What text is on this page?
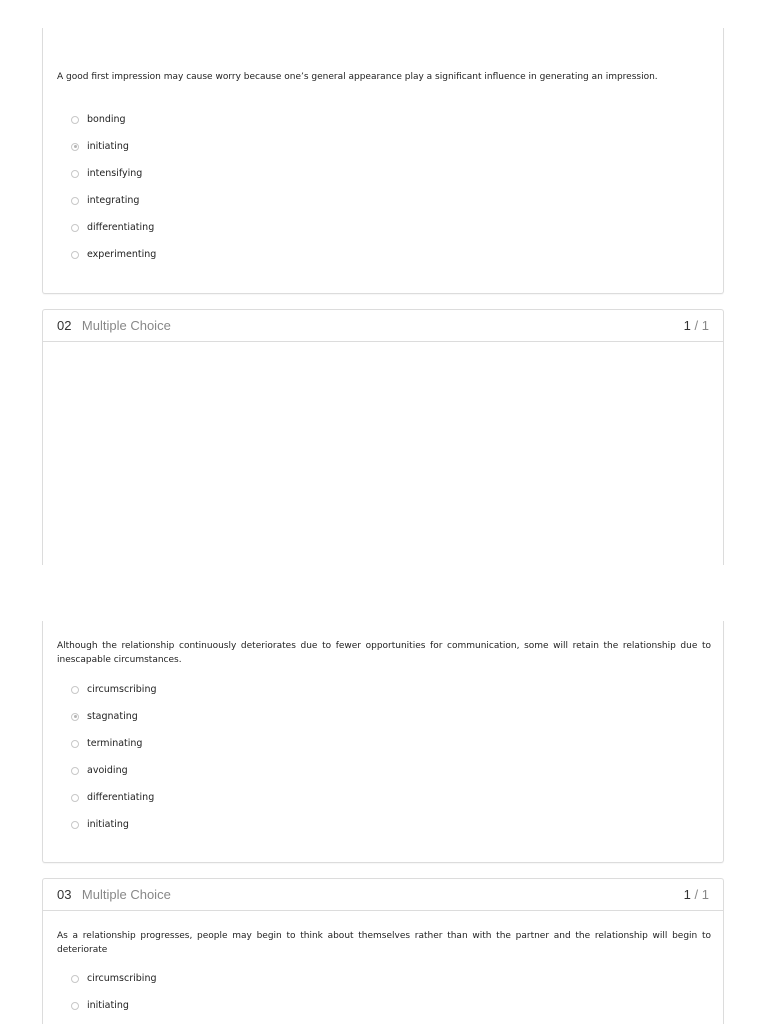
A good first impression may cause worry because one’s general appearance play a significant influence in generating an impression.
bonding
initiating
intensifying
integrating
differentiating
experimenting
02 Multiple Choice	1 / 1
Although the relationship continuously deteriorates due to fewer opportunities for communication, some will retain the relationship due to inescapable circumstances.
circumscribing
stagnating
terminating
avoiding
differentiating
initiating
03 Multiple Choice	1 / 1
As a relationship progresses, people may begin to think about themselves rather than with the partner and the relationship will begin to deteriorate
circumscribing
initiating
